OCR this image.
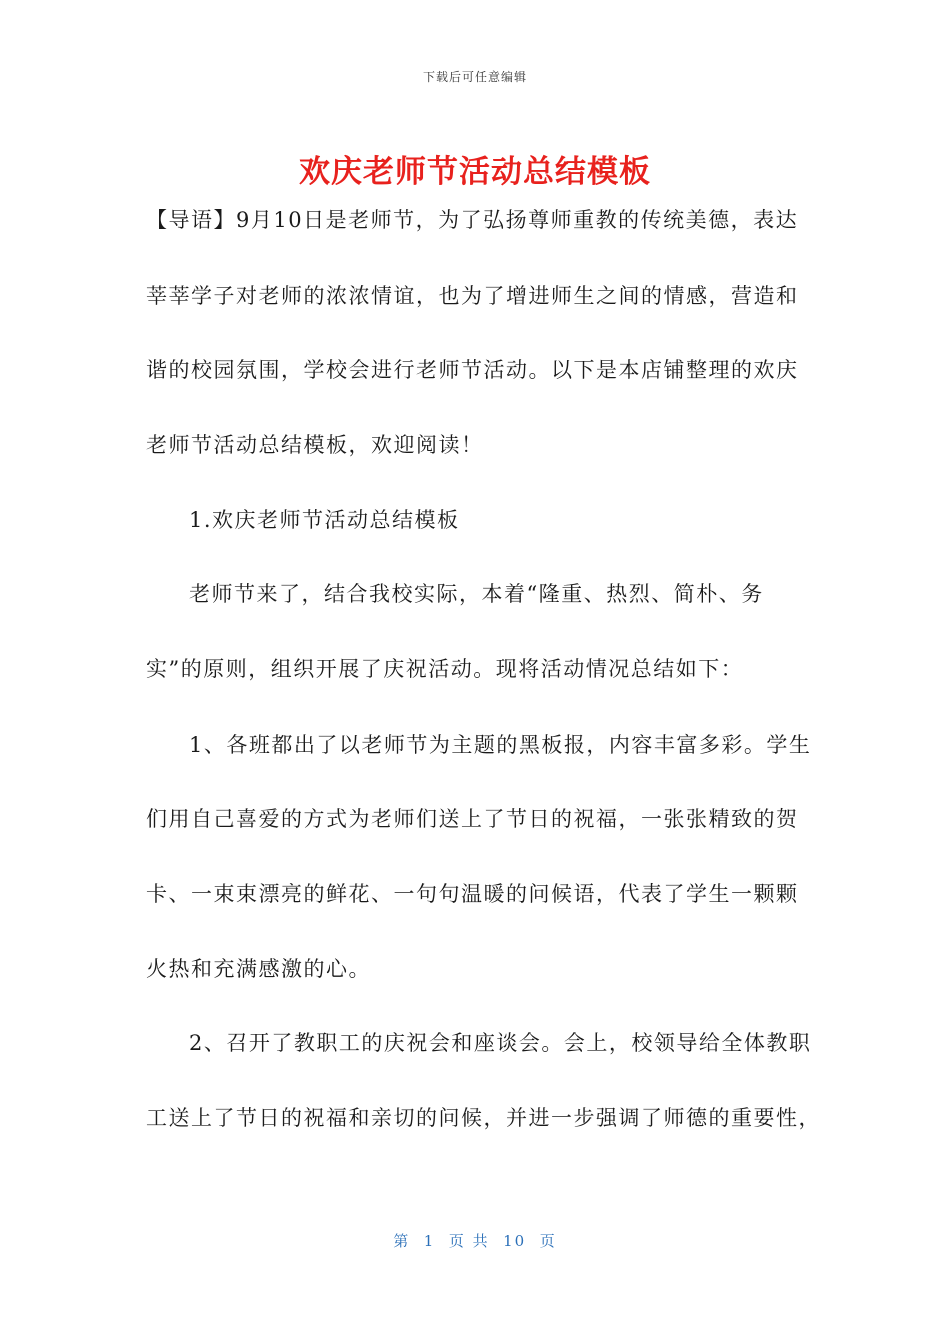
下载后可任意编辑
欢庆老师节活动总结模板
【导语】9月10日是老师节，为了弘扬尊师重教的传统美德，表达
莘莘学子对老师的浓浓情谊，也为了增进师生之间的情感，营造和
谐的校园氛围，学校会进行老师节活动。以下是本店铺整理的欢庆
老师节活动总结模板，欢迎阅读！
1.欢庆老师节活动总结模板
老师节来了，结合我校实际，本着“隆重、热烈、简朴、务
实”的原则，组织开展了庆祝活动。现将活动情况总结如下：
1、各班都出了以老师节为主题的黑板报，内容丰富多彩。学生
们用自己喜爱的方式为老师们送上了节日的祝福，一张张精致的贺
卡、一束束漂亮的鲜花、一句句温暖的问候语，代表了学生一颗颗
火热和充满感激的心。
2、召开了教职工的庆祝会和座谈会。会上，校领导给全体教职
工送上了节日的祝福和亲切的问候，并进一步强调了师德的重要性，
第  1  页 共  10  页
